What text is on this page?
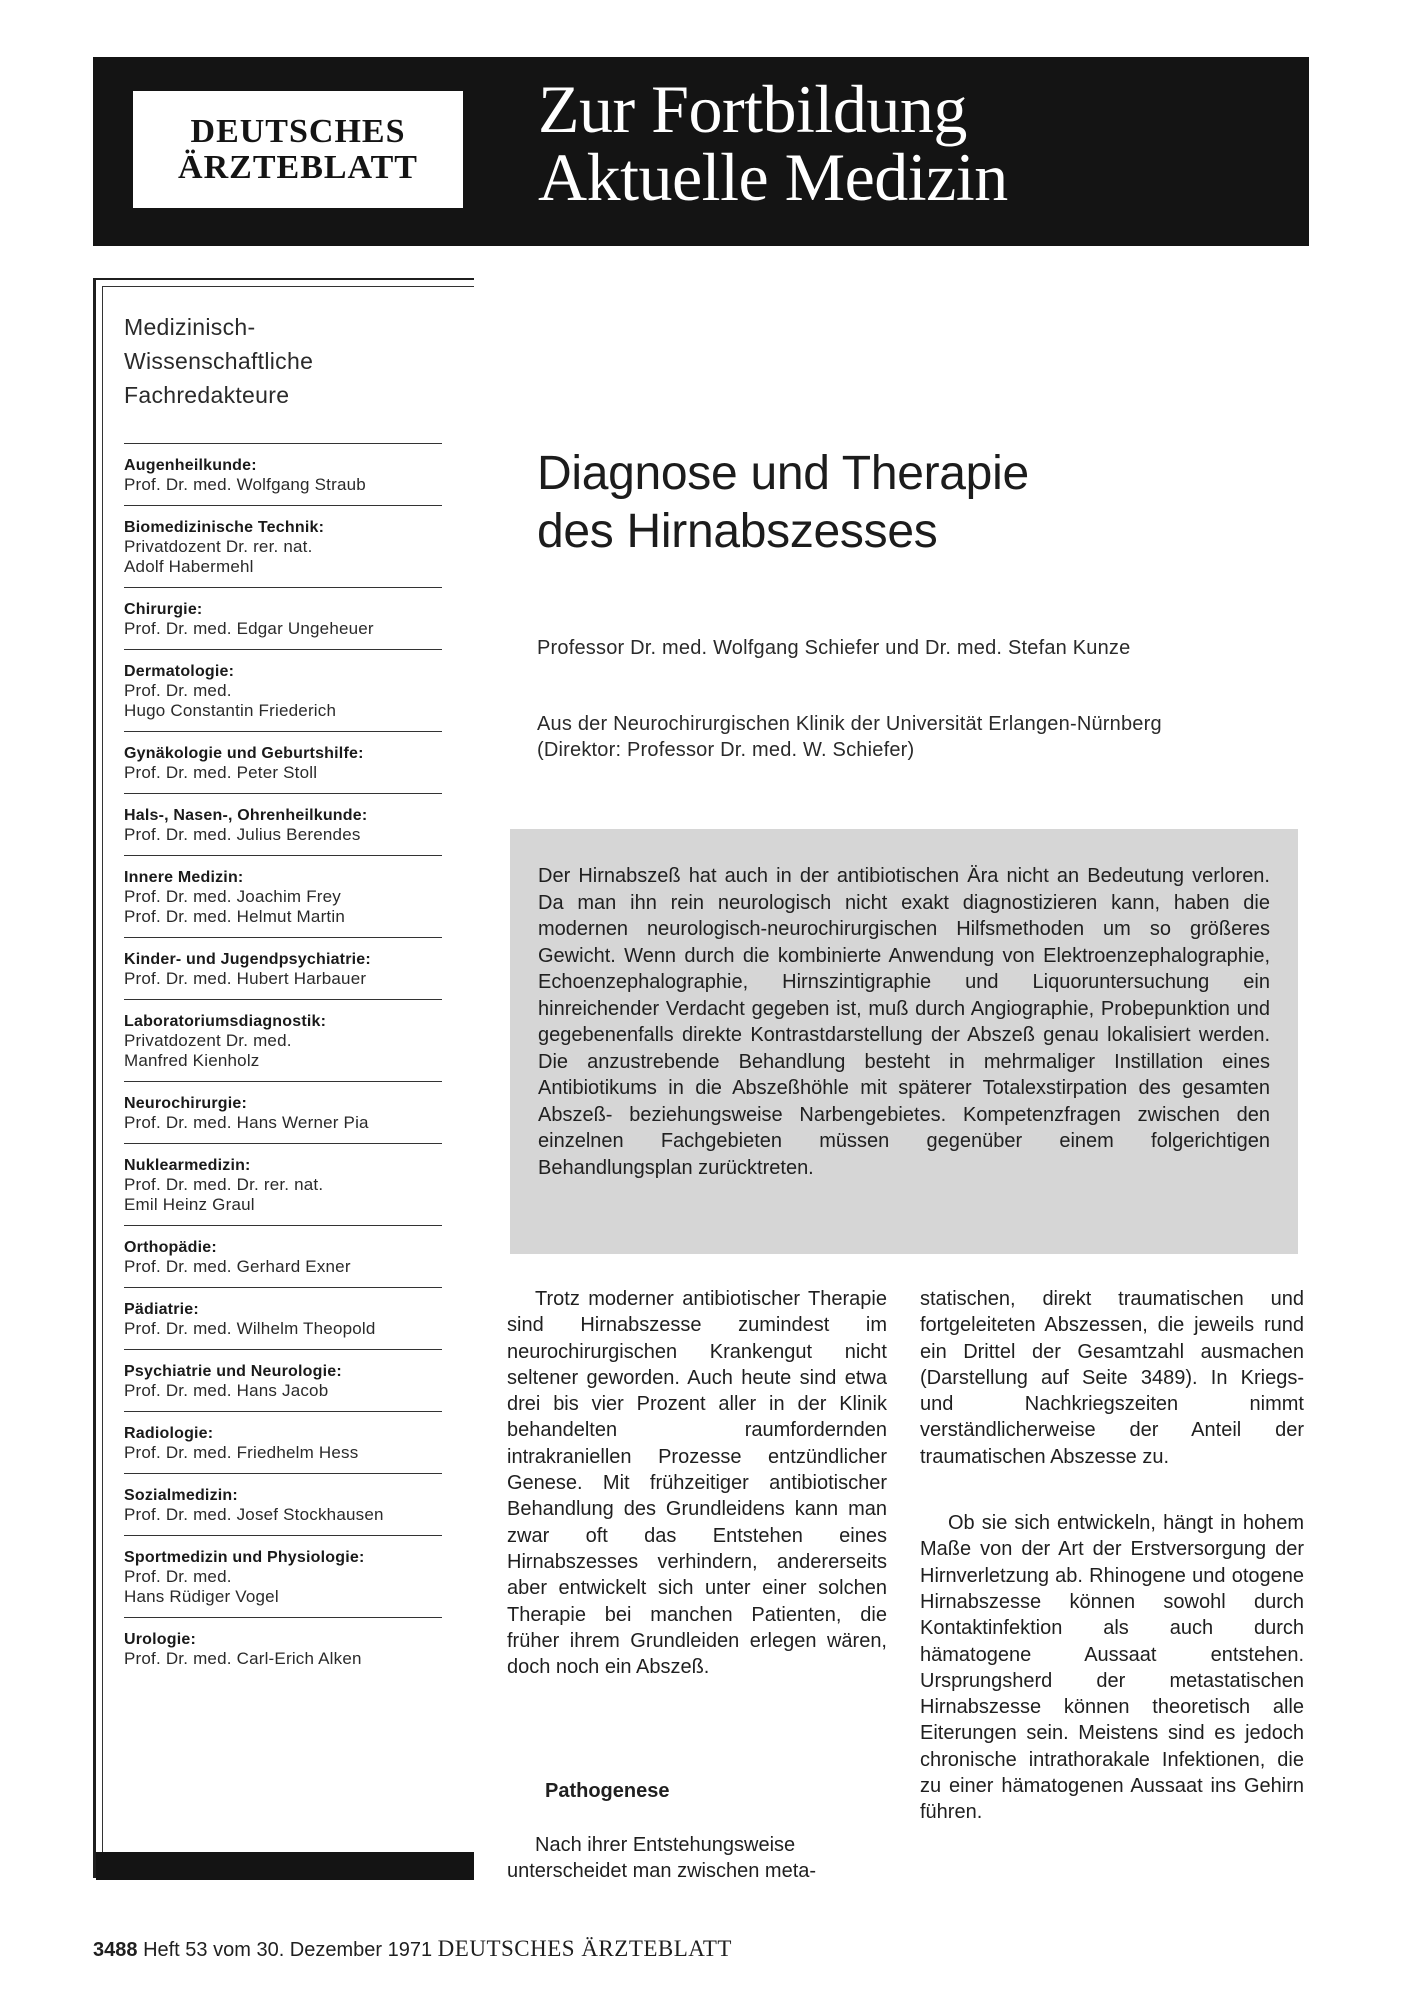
DEUTSCHES
ÄRZTEBLATT
Zur Fortbildung
Aktuelle Medizin
Medizinisch-
Wissenschaftliche
Fachredakteure
Augenheilkunde:
Prof. Dr. med. Wolfgang Straub
Biomedizinische Technik:
Privatdozent Dr. rer. nat.
Adolf Habermehl
Chirurgie:
Prof. Dr. med. Edgar Ungeheuer
Dermatologie:
Prof. Dr. med.
Hugo Constantin Friederich
Gynäkologie und Geburtshilfe:
Prof. Dr. med. Peter Stoll
Hals-, Nasen-, Ohrenheilkunde:
Prof. Dr. med. Julius Berendes
Innere Medizin:
Prof. Dr. med. Joachim Frey
Prof. Dr. med. Helmut Martin
Kinder- und Jugendpsychiatrie:
Prof. Dr. med. Hubert Harbauer
Laboratoriumsdiagnostik:
Privatdozent Dr. med.
Manfred Kienholz
Neurochirurgie:
Prof. Dr. med. Hans Werner Pia
Nuklearmedizin:
Prof. Dr. med. Dr. rer. nat.
Emil Heinz Graul
Orthopädie:
Prof. Dr. med. Gerhard Exner
Pädiatrie:
Prof. Dr. med. Wilhelm Theopold
Psychiatrie und Neurologie:
Prof. Dr. med. Hans Jacob
Radiologie:
Prof. Dr. med. Friedhelm Hess
Sozialmedizin:
Prof. Dr. med. Josef Stockhausen
Sportmedizin und Physiologie:
Prof. Dr. med.
Hans Rüdiger Vogel
Urologie:
Prof. Dr. med. Carl-Erich Alken
Diagnose und Therapie
des Hirnabszesses
Professor Dr. med. Wolfgang Schiefer und Dr. med. Stefan Kunze
Aus der Neurochirurgischen Klinik der Universität Erlangen-Nürnberg
(Direktor: Professor Dr. med. W. Schiefer)

Der Hirnabszeß hat auch in der antibiotischen Ära nicht an Bedeutung verloren. Da man ihn rein neurologisch nicht exakt diagnostizieren kann, haben die modernen neurologisch-neurochirurgischen Hilfsmethoden um so größeres Gewicht. Wenn durch die kombinierte Anwendung von Elektroenzephalographie, Echoenzephalographie, Hirnszintigraphie und Liquoruntersuchung ein hinreichender Verdacht gegeben ist, muß durch Angiographie, Probepunktion und gegebenenfalls direkte Kontrastdarstellung der Abszeß genau lokalisiert werden. Die anzustrebende Behandlung besteht in mehrmaliger Instillation eines Antibiotikums in die Abszeßhöhle mit späterer Totalexstirpation des gesamten Abszeß- beziehungsweise Narbengebietes. Kompetenzfragen zwischen den einzelnen Fachgebieten müssen gegenüber einem folgerichtigen Behandlungsplan zurücktreten.

Trotz moderner antibiotischer Therapie sind Hirnabszesse zumindest im neurochirurgischen Krankengut nicht seltener geworden. Auch heute sind etwa drei bis vier Prozent aller in der Klinik behandelten raumfordernden intrakraniellen Prozesse entzündlicher Genese. Mit frühzeitiger antibiotischer Behandlung des Grundleidens kann man zwar oft das Entstehen eines Hirnabszesses verhindern, andererseits aber entwickelt sich unter einer solchen Therapie bei manchen Patienten, die früher ihrem Grundleiden erlegen wären, doch noch ein Abszeß.

Pathogenese

Nach ihrer Entstehungsweise unterscheidet man zwischen meta-

statischen, direkt traumatischen und fortgeleiteten Abszessen, die jeweils rund ein Drittel der Gesamtzahl ausmachen (Darstellung auf Seite 3489). In Kriegs- und Nachkriegszeiten nimmt verständlicherweise der Anteil der traumatischen Abszesse zu.

Ob sie sich entwickeln, hängt in hohem Maße von der Art der Erstversorgung der Hirnverletzung ab. Rhinogene und otogene Hirnabszesse können sowohl durch Kontaktinfektion als auch durch hämatogene Aussaat entstehen. Ursprungsherd der metastatischen Hirnabszesse können theoretisch alle Eiterungen sein. Meistens sind es jedoch chronische intrathorakale Infektionen, die zu einer hämatogenen Aussaat ins Gehirn führen.

3488 Heft 53 vom 30. Dezember 1971 DEUTSCHES ÄRZTEBLATT
